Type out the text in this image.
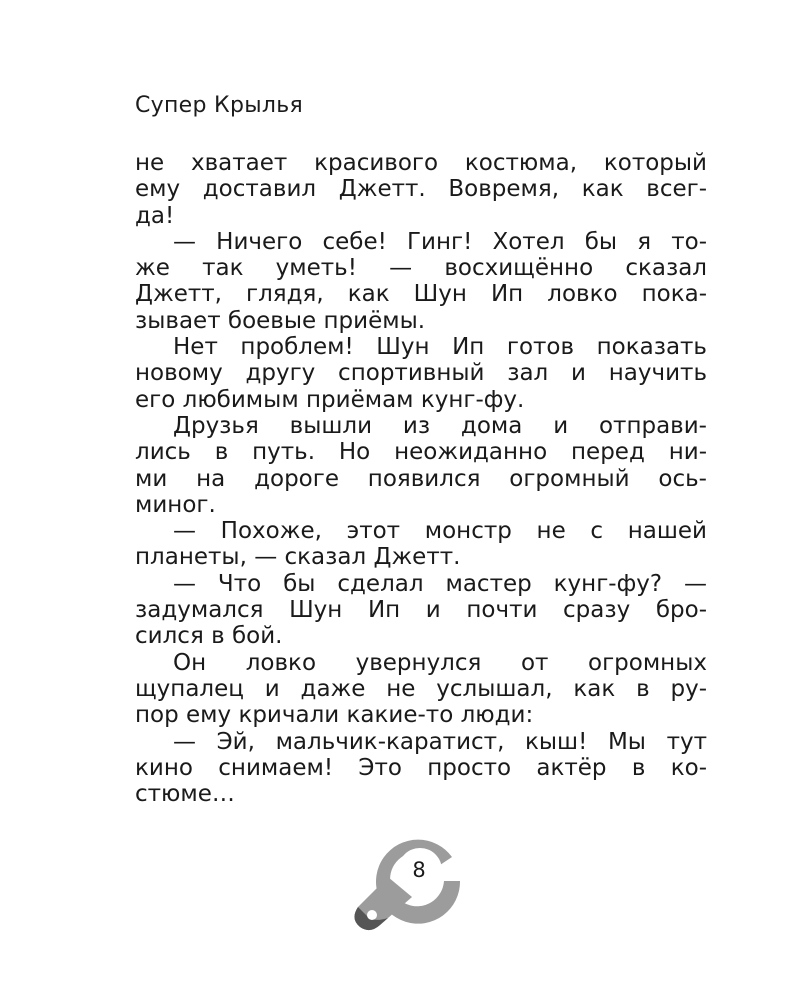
Супер Крылья
не хватает красивого костюма, который
ему доставил Джетт. Вовремя, как всег-
да!
— Ничего себе! Гинг! Хотел бы я то-
же так уметь! — восхищённо сказал
Джетт, глядя, как Шун Ип ловко пока-
зывает боевые приёмы.
Нет проблем! Шун Ип готов показать
новому другу спортивный зал и научить
его любимым приёмам кунг-фу.
Друзья вышли из дома и отправи-
лись в путь. Но неожиданно перед ни-
ми на дороге появился огромный ось-
миног.
— Похоже, этот монстр не с нашей
планеты, — сказал Джетт.
— Что бы сделал мастер кунг-фу? —
задумался Шун Ип и почти сразу бро-
сился в бой.
Он ловко увернулся от огромных
щупалец и даже не услышал, как в ру-
пор ему кричали какие-то люди:
— Эй, мальчик-каратист, кыш! Мы тут
кино снимаем! Это просто актёр в ко-
стюме…
8
